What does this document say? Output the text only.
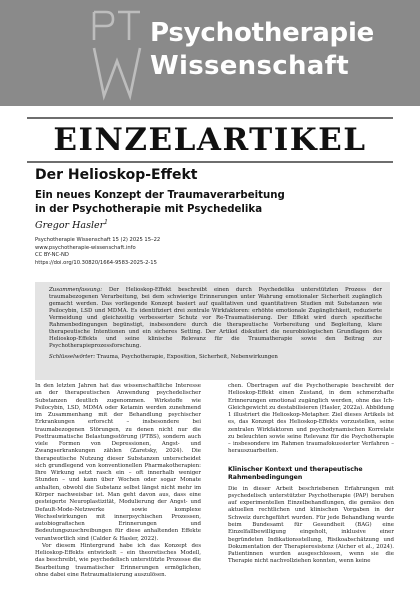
Psychotherapie
Wissenschaft
EINZELARTIKEL
Der Helioskop-Effekt
Ein neues Konzept der Traumaverarbeitung
in der Psychotherapie mit Psychedelika
Gregor Hasler$^1$
Psychotherapie Wissenschaft 15 (2) 2025 15–22
www.psychotherapie-wissenschaft.info
CC BY-NC-ND
https://doi.org/10.30820/1664-9583-2025-2-15

Zusammenfassung: Der Helioskop-Effekt beschreibt einen durch Psychedelika unterstützten Prozess der traumabezogenen Verarbeitung, bei dem schwierige Erinnerungen unter Wahrung emotionaler Sicherheit zugänglich gemacht werden. Das vorliegende Konzept basiert auf qualitativen und quantitativen Studien mit Substanzen wie Psilocybin, LSD und MDMA. Es identifiziert drei zentrale Wirkfaktoren: erhöhte emotionale Zugänglichkeit, reduzierte Vermeidung und gleichzeitig verbesserter Schutz vor Re-Traumatisierung. Der Effekt wird durch spezifische Rahmenbedingungen begünstigt, insbesondere durch die therapeutische Vorbereitung und Begleitung, klare therapeutische Intentionen und ein sicheres Setting. Der Artikel diskutiert die neurobiologischen Grundlagen des Helioskop-Effekts und seine klinische Relevanz für die Traumatherapie sowie den Beitrag zur Psychotherapieprozessforschung.

Schlüsselwörter: Trauma, Psychotherapie, Exposition, Sicherheit, Nebenwirkungen

In den letzten Jahren hat das wissenschaftliche Interesse an der therapeutischen Anwendung psychedelischer Substanzen deutlich zugenommen. Wirkstoffe wie Psilocybin, LSD, MDMA oder Ketamin werden zunehmend im Zusammenhang mit der Behandlung psychischer Erkrankungen erforscht – insbesondere bei traumabezogenen Störungen, zu denen nicht nur die Posttraumatische Belastungsstörung (PTBS), sondern auch viele Formen von Depressionen, Angst- und Zwangserkrankungen zählen (Zaretsky, 2024). Die therapeutische Nutzung dieser Substanzen unterscheidet sich grundlegend von konventionellen Pharmakotherapien: Ihre Wirkung setzt rasch ein – oft innerhalb weniger Stunden – und kann über Wochen oder sogar Monate anhalten, obwohl die Substanz selbst längst nicht mehr im Körper nachweisbar ist. Man geht davon aus, dass eine gesteigerte Neuroplastizität, Modulierung der Angst- und Default-Mode-Netzwerke sowie komplexe Wechselwirkungen mit innerpsychischen Prozessen, autobiografischen Erinnerungen und Bedeutungszuschreibungen für diese anhaltenden Effekte verantwortlich sind (Calder & Hasler, 2022).

Vor diesem Hintergrund habe ich das Konzept des Helioskop-Effekts entwickelt – ein theoretisches Modell, das beschreibt, wie psychedelisch unterstützte Prozesse die Bearbeitung traumatischer Erinnerungen ermöglichen, ohne dabei eine Retraumatisierung auszulösen.

chen. Übertragen auf die Psychotherapie beschreibt der Helioskop-Effekt einen Zustand, in dem schmerzhafte Erinnerungen emotional zugänglich werden, ohne das Ich-Gleichgewicht zu destabilisieren (Hasler, 2022a). Abbildung 1 illustriert die Helioskop-Metapher. Ziel dieses Artikels ist es, das Konzept des Helioskop-Effekts vorzustellen, seine zentralen Wirkfaktoren und psychodynamischen Korrelate zu beleuchten sowie seine Relevanz für die Psychotherapie – insbesondere im Rahmen traumafokussierter Verfahren – herauszuarbeiten.

Klinischer Kontext und therapeutische Rahmenbedingungen

Die in dieser Arbeit beschriebenen Erfahrungen mit psychedelisch unterstützter Psychotherapie (PAP) beruhen auf experimentellen Einzelbehandlungen, die gemäss den aktuellen rechtlichen und klinischen Vorgaben in der Schweiz durchgeführt wurden. Für jede Behandlung wurde beim Bundesamt für Gesundheit (BAG) eine Einzelfallbewilligung eingeholt, inklusive einer begründeten Indikationsstellung, Risikoabschätzung und Dokumentation der Therapieresistenz (Aicher et al., 2024). Patientinnen wurden ausgeschlossen, wenn sie die Therapie nicht nachvollziehen konnten, wenn keine
